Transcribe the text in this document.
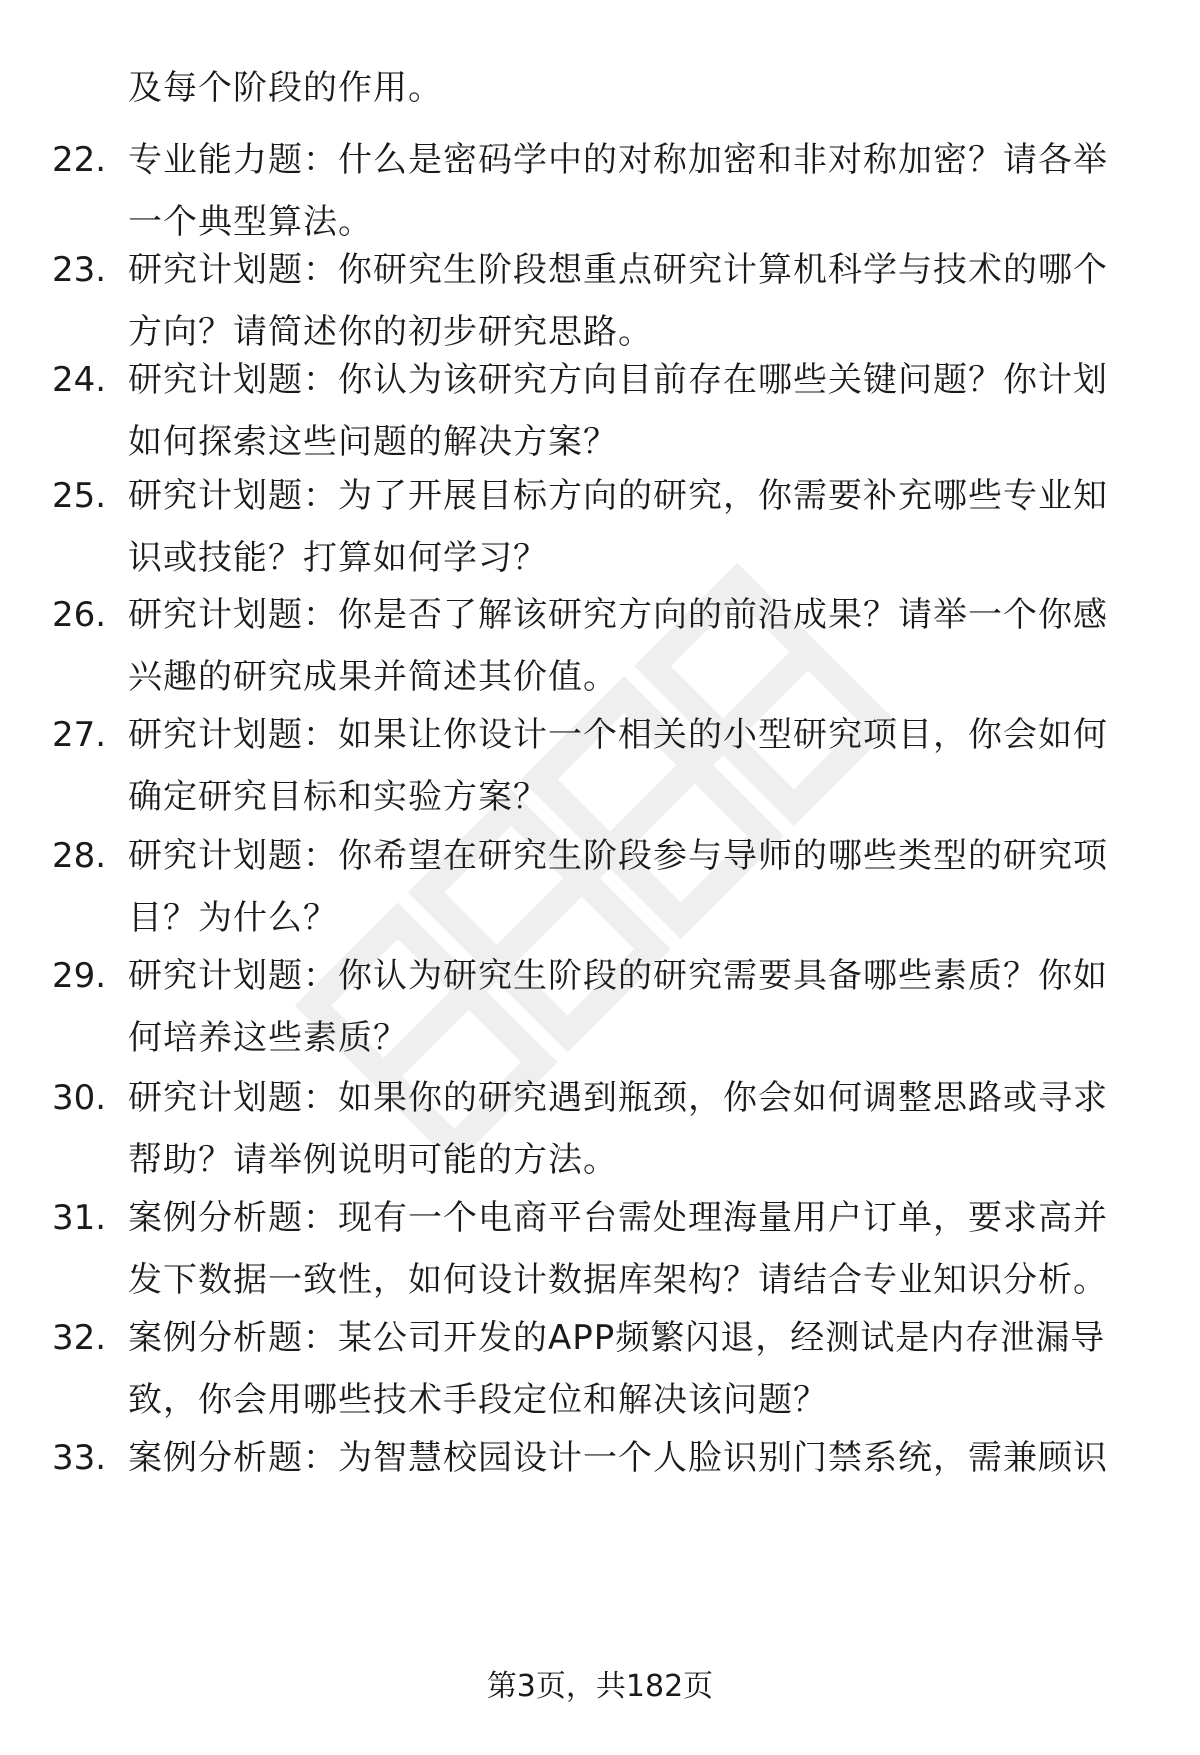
及每个阶段的作用。
22. 专业能力题：什么是密码学中的对称加密和非对称加密？请各举
一个典型算法。
23. 研究计划题：你研究生阶段想重点研究计算机科学与技术的哪个
方向？请简述你的初步研究思路。
24. 研究计划题：你认为该研究方向目前存在哪些关键问题？你计划
如何探索这些问题的解决方案？
25. 研究计划题：为了开展目标方向的研究，你需要补充哪些专业知
识或技能？打算如何学习？
26. 研究计划题：你是否了解该研究方向的前沿成果？请举一个你感
兴趣的研究成果并简述其价值。
27. 研究计划题：如果让你设计一个相关的小型研究项目，你会如何
确定研究目标和实验方案？
28. 研究计划题：你希望在研究生阶段参与导师的哪些类型的研究项
目？为什么？
29. 研究计划题：你认为研究生阶段的研究需要具备哪些素质？你如
何培养这些素质？
30. 研究计划题：如果你的研究遇到瓶颈，你会如何调整思路或寻求
帮助？请举例说明可能的方法。
31. 案例分析题：现有一个电商平台需处理海量用户订单，要求高并
发下数据一致性，如何设计数据库架构？请结合专业知识分析。
32. 案例分析题：某公司开发的APP频繁闪退，经测试是内存泄漏导
致，你会用哪些技术手段定位和解决该问题？
33. 案例分析题：为智慧校园设计一个人脸识别门禁系统，需兼顾识
第3页，共182页
